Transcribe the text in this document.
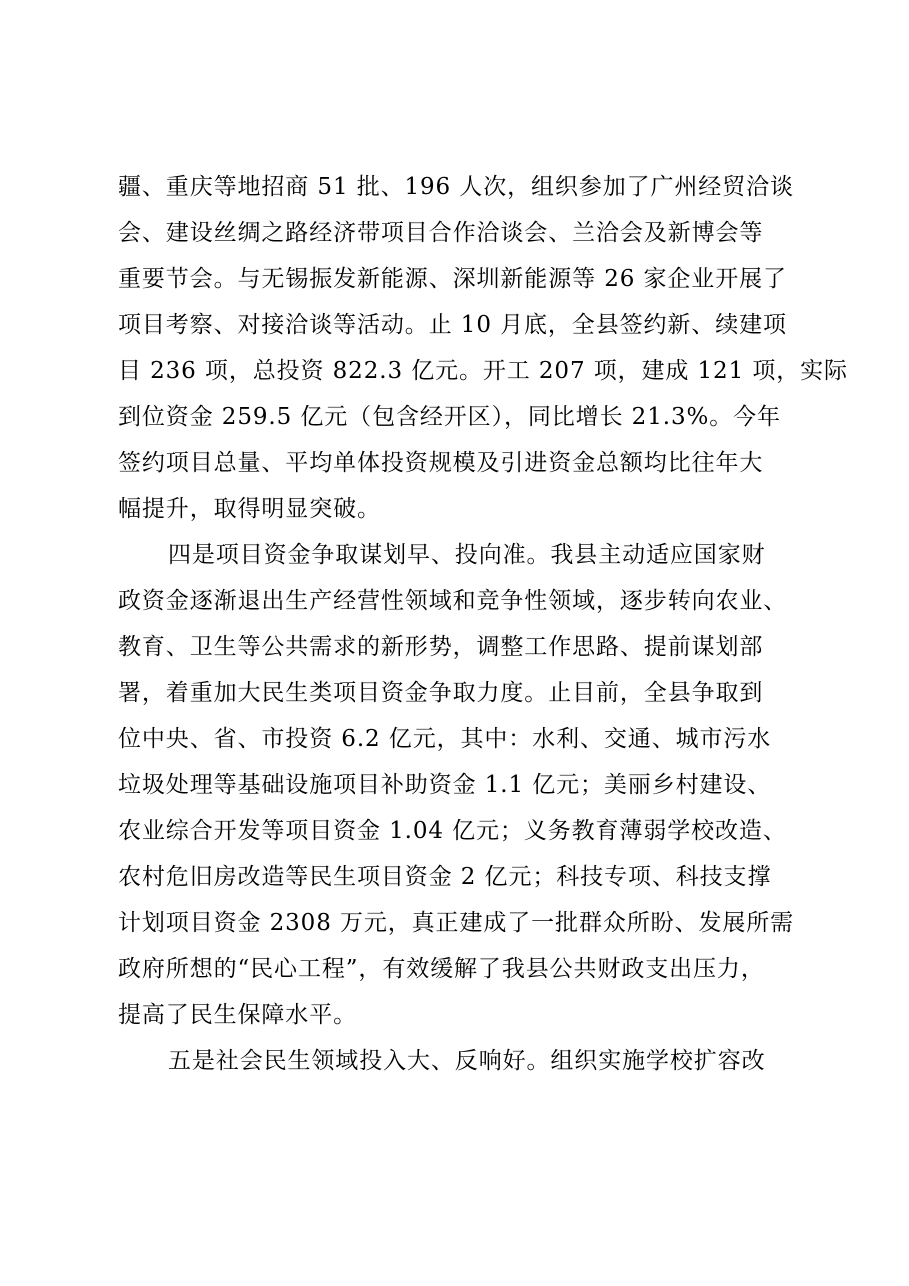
疆、重庆等地招商 51 批、196 人次，组织参加了广州经贸洽谈
会、建设丝绸之路经济带项目合作洽谈会、兰洽会及新博会等
重要节会。与无锡振发新能源、深圳新能源等 26 家企业开展了
项目考察、对接洽谈等活动。止 10 月底，全县签约新、续建项
目 236 项，总投资 822.3 亿元。开工 207 项，建成 121 项，实际
到位资金 259.5 亿元（包含经开区），同比增长 21.3%。今年
签约项目总量、平均单体投资规模及引进资金总额均比往年大
幅提升，取得明显突破。
四是项目资金争取谋划早、投向准。我县主动适应国家财
政资金逐渐退出生产经营性领域和竞争性领域，逐步转向农业、
教育、卫生等公共需求的新形势，调整工作思路、提前谋划部
署，着重加大民生类项目资金争取力度。止目前，全县争取到
位中央、省、市投资 6.2 亿元，其中：水利、交通、城市污水
垃圾处理等基础设施项目补助资金 1.1 亿元；美丽乡村建设、
农业综合开发等项目资金 1.04 亿元；义务教育薄弱学校改造、
农村危旧房改造等民生项目资金 2 亿元；科技专项、科技支撑
计划项目资金 2308 万元，真正建成了一批群众所盼、发展所需
政府所想的“民心工程”，有效缓解了我县公共财政支出压力，
提高了民生保障水平。
五是社会民生领域投入大、反响好。组织实施学校扩容改
